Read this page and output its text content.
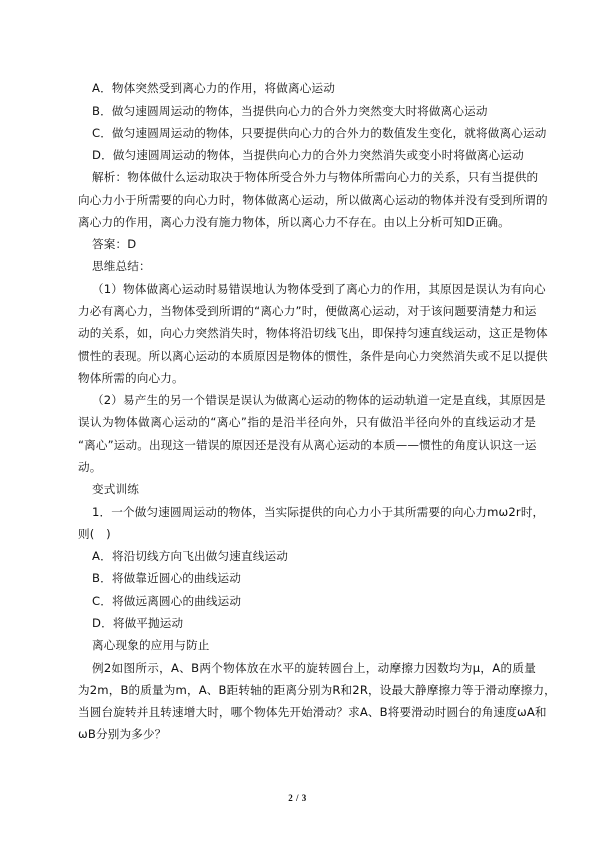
A．物体突然受到离心力的作用，将做离心运动
B．做匀速圆周运动的物体，当提供向心力的合外力突然变大时将做离心运动
C．做匀速圆周运动的物体，只要提供向心力的合外力的数值发生变化，就将做离心运动
D．做匀速圆周运动的物体，当提供向心力的合外力突然消失或变小时将做离心运动
解析：物体做什么运动取决于物体所受合外力与物体所需向心力的关系，只有当提供的
向心力小于所需要的向心力时，物体做离心运动，所以做离心运动的物体并没有受到所谓的
离心力的作用，离心力没有施力物体，所以离心力不存在。由以上分析可知D正确。
答案：D
思维总结：
（1）物体做离心运动时易错误地认为物体受到了离心力的作用，其原因是误认为有向心
力必有离心力，当物体受到所谓的“离心力”时，便做离心运动，对于该问题要清楚力和运
动的关系，如，向心力突然消失时，物体将沿切线飞出，即保持匀速直线运动，这正是物体
惯性的表现。所以离心运动的本质原因是物体的惯性，条件是向心力突然消失或不足以提供
物体所需的向心力。
（2）易产生的另一个错误是误认为做离心运动的物体的运动轨道一定是直线，其原因是
误认为物体做离心运动的“离心”指的是沿半径向外，只有做沿半径向外的直线运动才是
“离心”运动。出现这一错误的原因还是没有从离心运动的本质——惯性的角度认识这一运
动。
变式训练
1．一个做匀速圆周运动的物体，当实际提供的向心力小于其所需要的向心力mω2r时，
则(　)
A．将沿切线方向飞出做匀速直线运动
B．将做靠近圆心的曲线运动
C．将做远离圆心的曲线运动
D．将做平抛运动
离心现象的应用与防止
例2如图所示，A、B两个物体放在水平的旋转圆台上，动摩擦力因数均为μ，A的质量
为2m，B的质量为m，A、B距转轴的距离分别为R和2R，设最大静摩擦力等于滑动摩擦力，
当圆台旋转并且转速增大时，哪个物体先开始滑动？求A、B将要滑动时圆台的角速度ωA和
ωB分别为多少？
2 / 3
